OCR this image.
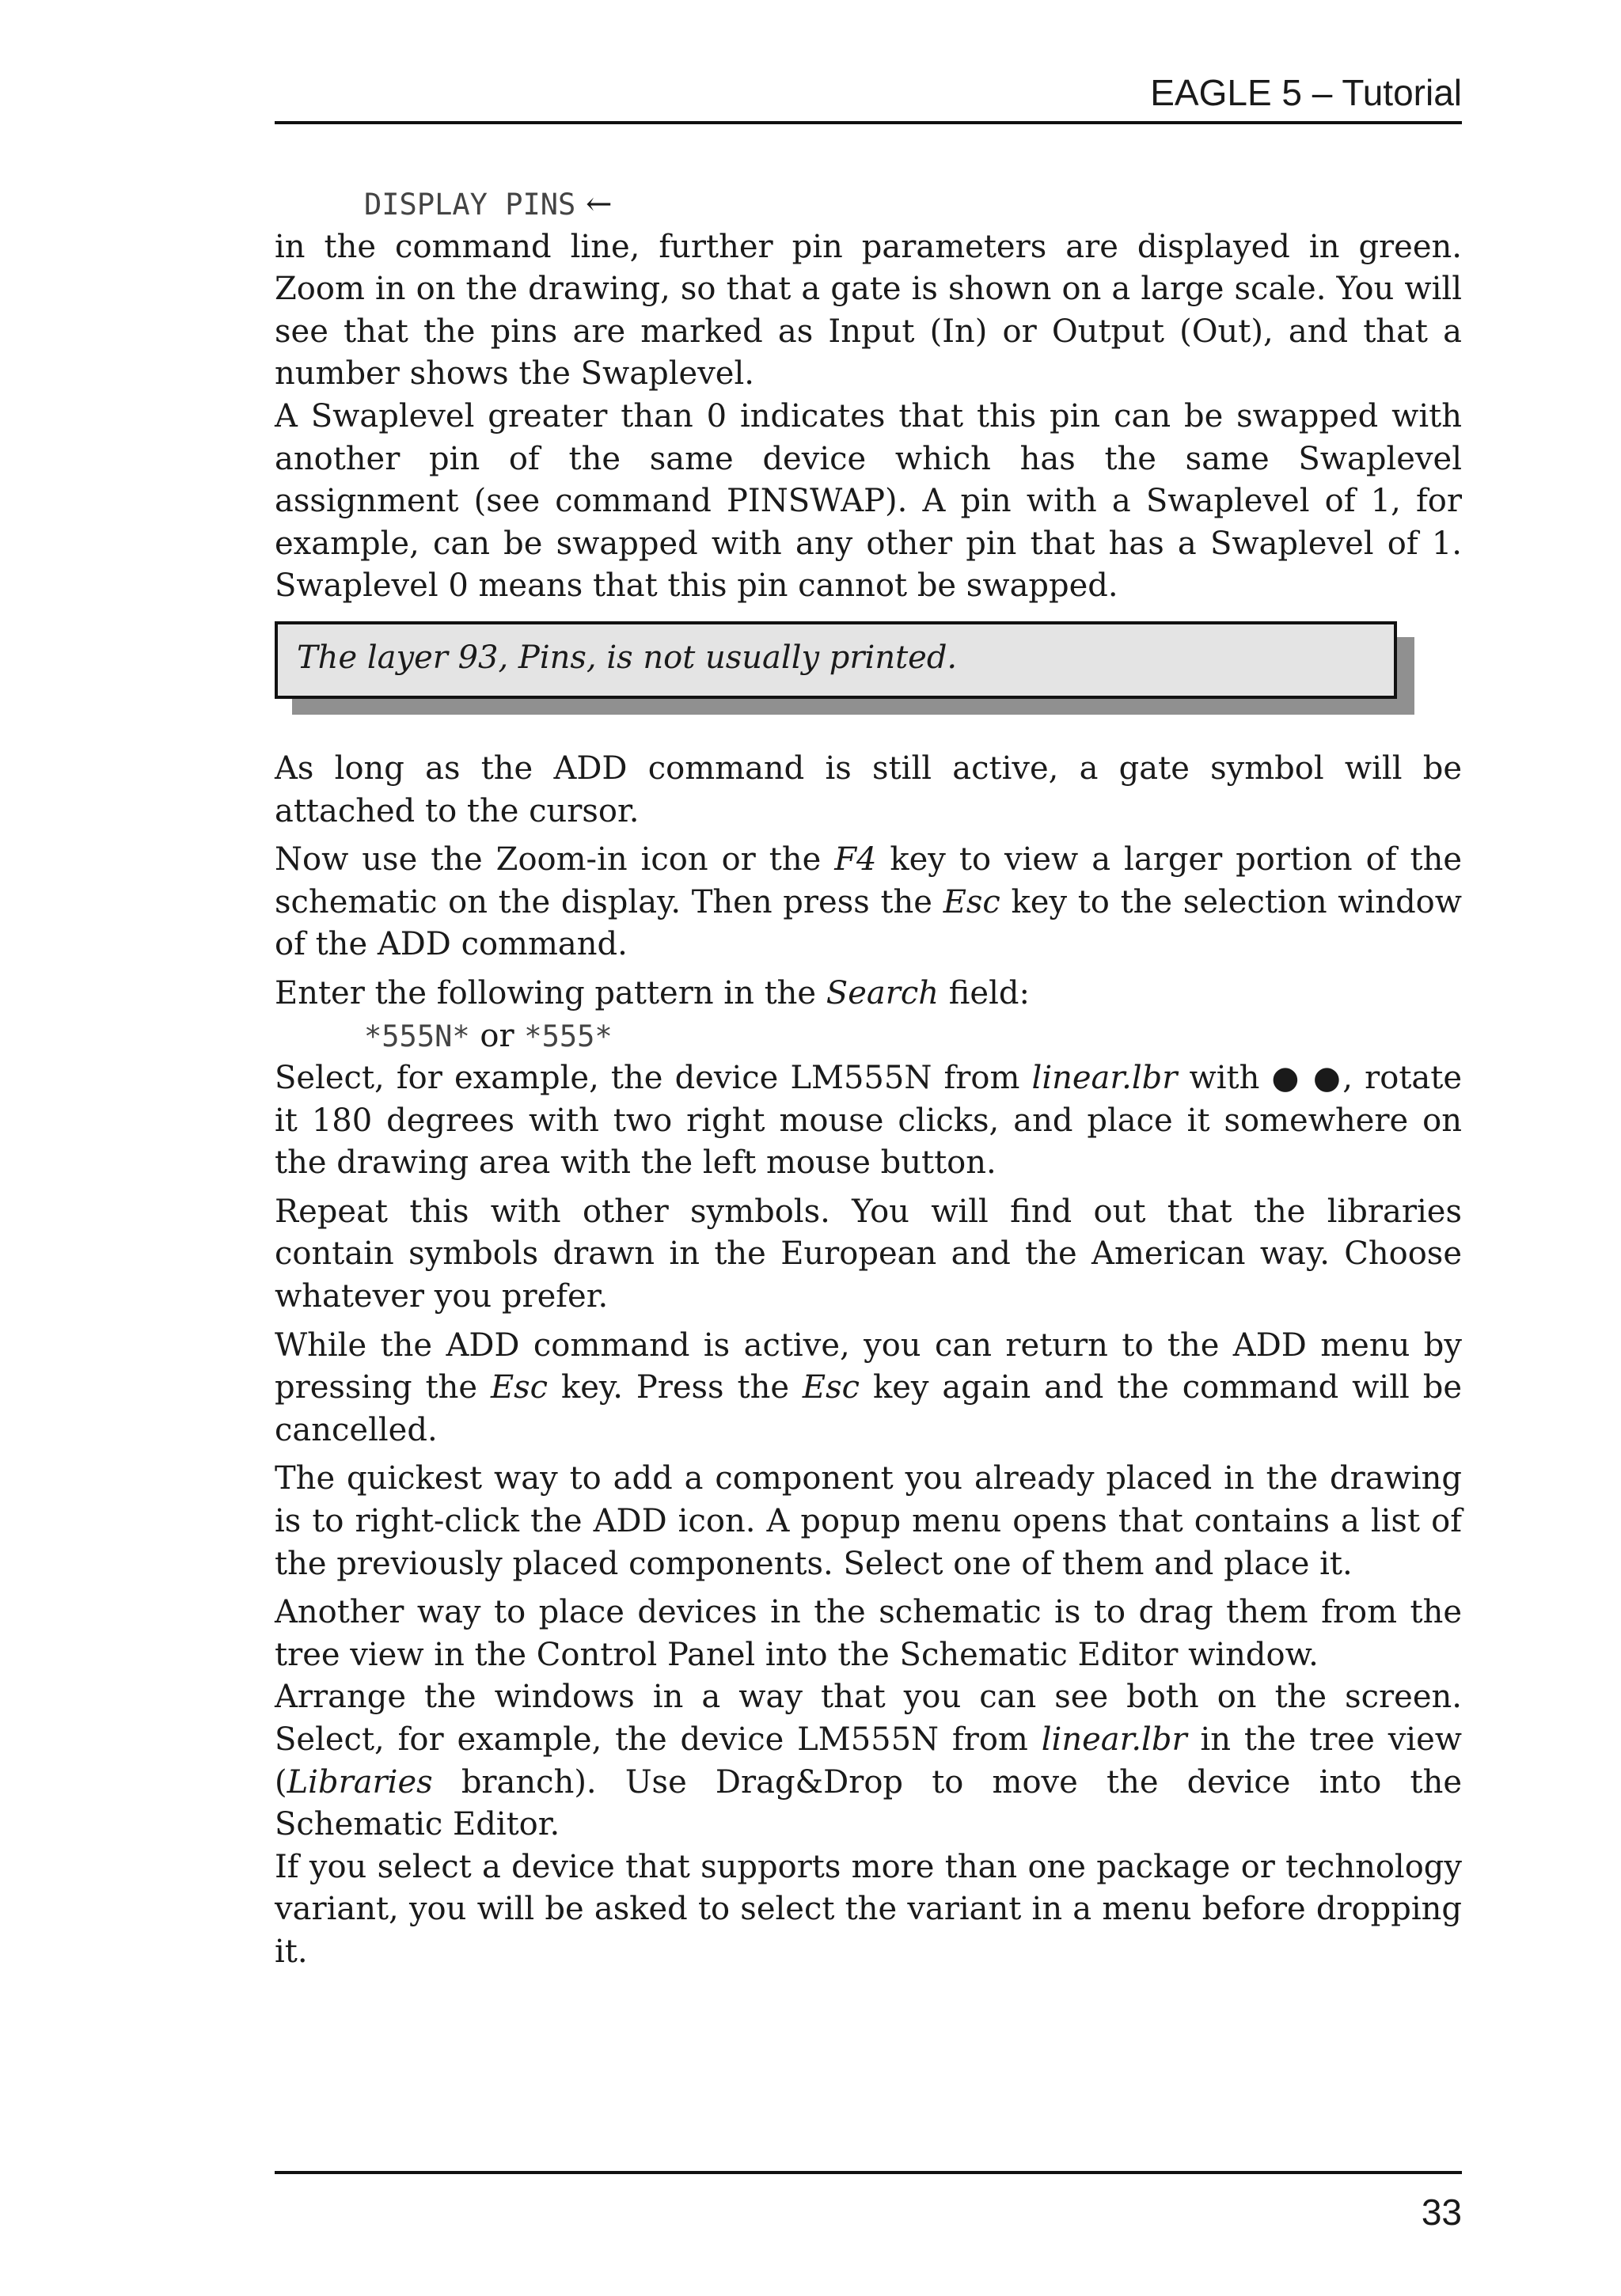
EAGLE 5 – Tutorial
DISPLAY PINS ←

in the command line, further pin parameters are displayed in green. Zoom in on the drawing, so that a gate is shown on a large scale. You will see that the pins are marked as Input (In) or Output (Out), and that a number shows the Swaplevel.

A Swaplevel greater than 0 indicates that this pin can be swapped with another pin of the same device which has the same Swaplevel assignment (see command PINSWAP). A pin with a Swaplevel of 1, for example, can be swapped with any other pin that has a Swaplevel of 1. Swaplevel 0 means that this pin cannot be swapped.

The layer 93, Pins, is not usually printed.

As long as the ADD command is still active, a gate symbol will be attached to the cursor.

Now use the Zoom-in icon or the F4 key to view a larger portion of the schematic on the display. Then press the Esc key to the selection window of the ADD command.

Enter the following pattern in the Search field:

*555N* or *555*

Select, for example, the device LM555N from linear.lbr with ● ●, rotate it 180 degrees with two right mouse clicks, and place it somewhere on the drawing area with the left mouse button.

Repeat this with other symbols. You will find out that the libraries contain symbols drawn in the European and the American way. Choose whatever you prefer.

While the ADD command is active, you can return to the ADD menu by pressing the Esc key. Press the Esc key again and the command will be cancelled.

The quickest way to add a component you already placed in the drawing is to right-click the ADD icon. A popup menu opens that contains a list of the previously placed components. Select one of them and place it.

Another way to place devices in the schematic is to drag them from the tree view in the Control Panel into the Schematic Editor window.

Arrange the windows in a way that you can see both on the screen. Select, for example, the device LM555N from linear.lbr in the tree view (Libraries branch). Use Drag&Drop to move the device into the Schematic Editor.

If you select a device that supports more than one package or technology variant, you will be asked to select the variant in a menu before dropping it.

33
